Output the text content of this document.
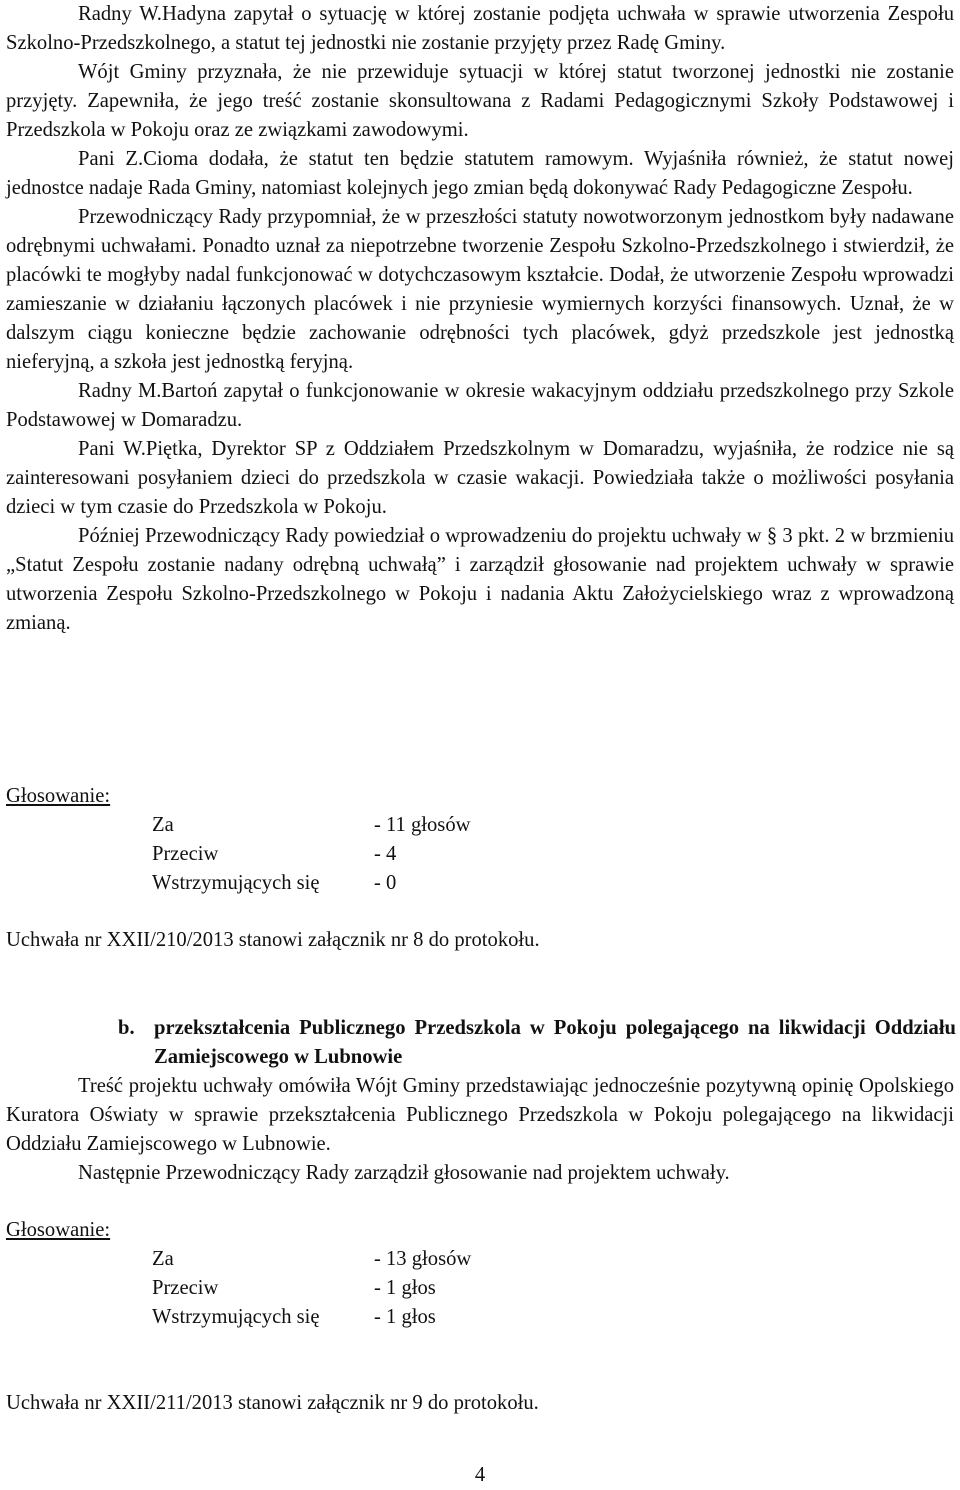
Radny W.Hadyna zapytał o sytuację w której zostanie podjęta uchwała w sprawie utworzenia Zespołu Szkolno-Przedszkolnego, a statut tej jednostki nie zostanie przyjęty przez Radę Gminy.

Wójt Gminy przyznała, że nie przewiduje sytuacji w której statut tworzonej jednostki nie zostanie przyjęty. Zapewniła, że jego treść zostanie skonsultowana z Radami Pedagogicznymi Szkoły Podstawowej i Przedszkola w Pokoju oraz ze związkami zawodowymi.

Pani Z.Cioma dodała, że statut ten będzie statutem ramowym. Wyjaśniła również, że statut nowej jednostce nadaje Rada Gminy, natomiast kolejnych jego zmian będą dokonywać Rady Pedagogiczne Zespołu.

Przewodniczący Rady przypomniał, że w przeszłości statuty nowotworzonym jednostkom były nadawane odrębnymi uchwałami. Ponadto uznał za niepotrzebne tworzenie Zespołu Szkolno-Przedszkolnego i stwierdził, że placówki te mogłyby nadal funkcjonować w dotychczasowym kształcie. Dodał, że utworzenie Zespołu wprowadzi zamieszanie w działaniu łączonych placówek i nie przyniesie wymiernych korzyści finansowych. Uznał, że w dalszym ciągu konieczne będzie zachowanie odrębności tych placówek, gdyż przedszkole jest jednostką nieferyjną, a szkoła jest jednostką feryjną.

Radny M.Bartoń zapytał o funkcjonowanie w okresie wakacyjnym oddziału przedszkolnego przy Szkole Podstawowej w Domaradzu.

Pani W.Piętka, Dyrektor SP z Oddziałem Przedszkolnym w Domaradzu, wyjaśniła, że rodzice nie są zainteresowani posyłaniem dzieci do przedszkola w czasie wakacji. Powiedziała także o możliwości posyłania dzieci w tym czasie do Przedszkola w Pokoju.

Później Przewodniczący Rady powiedział o wprowadzeniu do projektu uchwały w § 3 pkt. 2 w brzmieniu „Statut Zespołu zostanie nadany odrębną uchwałą” i zarządził głosowanie nad projektem uchwały w sprawie utworzenia Zespołu Szkolno-Przedszkolnego w Pokoju i nadania Aktu Założycielskiego wraz z wprowadzoną zmianą.

Głosowanie:

Za	- 11 głosów
Przeciw	- 4
Wstrzymujących się	- 0

Uchwała nr XXII/210/2013 stanowi załącznik nr 8 do protokołu.

b. przekształcenia Publicznego Przedszkola w Pokoju polegającego na likwidacji Oddziału Zamiejscowego w Lubnowie

Treść projektu uchwały omówiła Wójt Gminy przedstawiając jednocześnie pozytywną opinię Opolskiego Kuratora Oświaty w sprawie przekształcenia Publicznego Przedszkola w Pokoju polegającego na likwidacji Oddziału Zamiejscowego w Lubnowie.

Następnie Przewodniczący Rady zarządził głosowanie nad projektem uchwały.

Głosowanie:

Za	- 13 głosów
Przeciw	- 1 głos
Wstrzymujących się	- 1 głos

Uchwała nr XXII/211/2013 stanowi załącznik nr 9 do protokołu.

4
